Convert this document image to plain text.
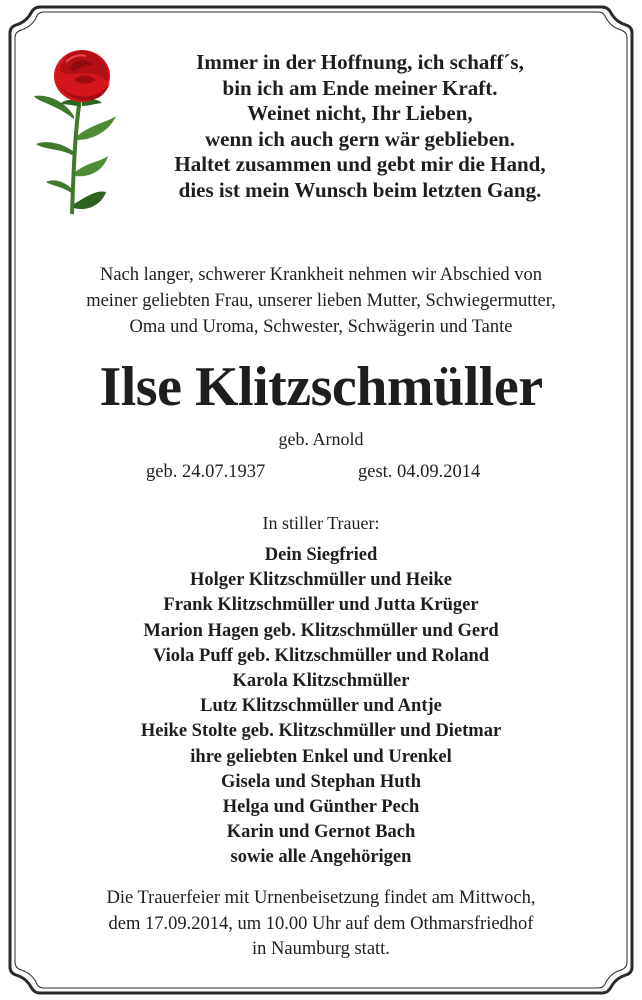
Immer in der Hoffnung, ich schaff´s,
bin ich am Ende meiner Kraft.
Weinet nicht, Ihr Lieben,
wenn ich auch gern wär geblieben.
Haltet zusammen und gebt mir die Hand,
dies ist mein Wunsch beim letzten Gang.
Nach langer, schwerer Krankheit nehmen wir Abschied von
meiner geliebten Frau, unserer lieben Mutter, Schwiegermutter,
Oma und Uroma, Schwester, Schwägerin und Tante
Ilse Klitzschmüller
geb. Arnold
geb. 24.07.1937	gest. 04.09.2014
In stiller Trauer:
Dein Siegfried
Holger Klitzschmüller und Heike
Frank Klitzschmüller und Jutta Krüger
Marion Hagen geb. Klitzschmüller und Gerd
Viola Puff geb. Klitzschmüller und Roland
Karola Klitzschmüller
Lutz Klitzschmüller und Antje
Heike Stolte geb. Klitzschmüller und Dietmar
ihre geliebten Enkel und Urenkel
Gisela und Stephan Huth
Helga und Günther Pech
Karin und Gernot Bach
sowie alle Angehörigen
Die Trauerfeier mit Urnenbeisetzung findet am Mittwoch,
dem 17.09.2014, um 10.00 Uhr auf dem Othmarsfriedhof
in Naumburg statt.
